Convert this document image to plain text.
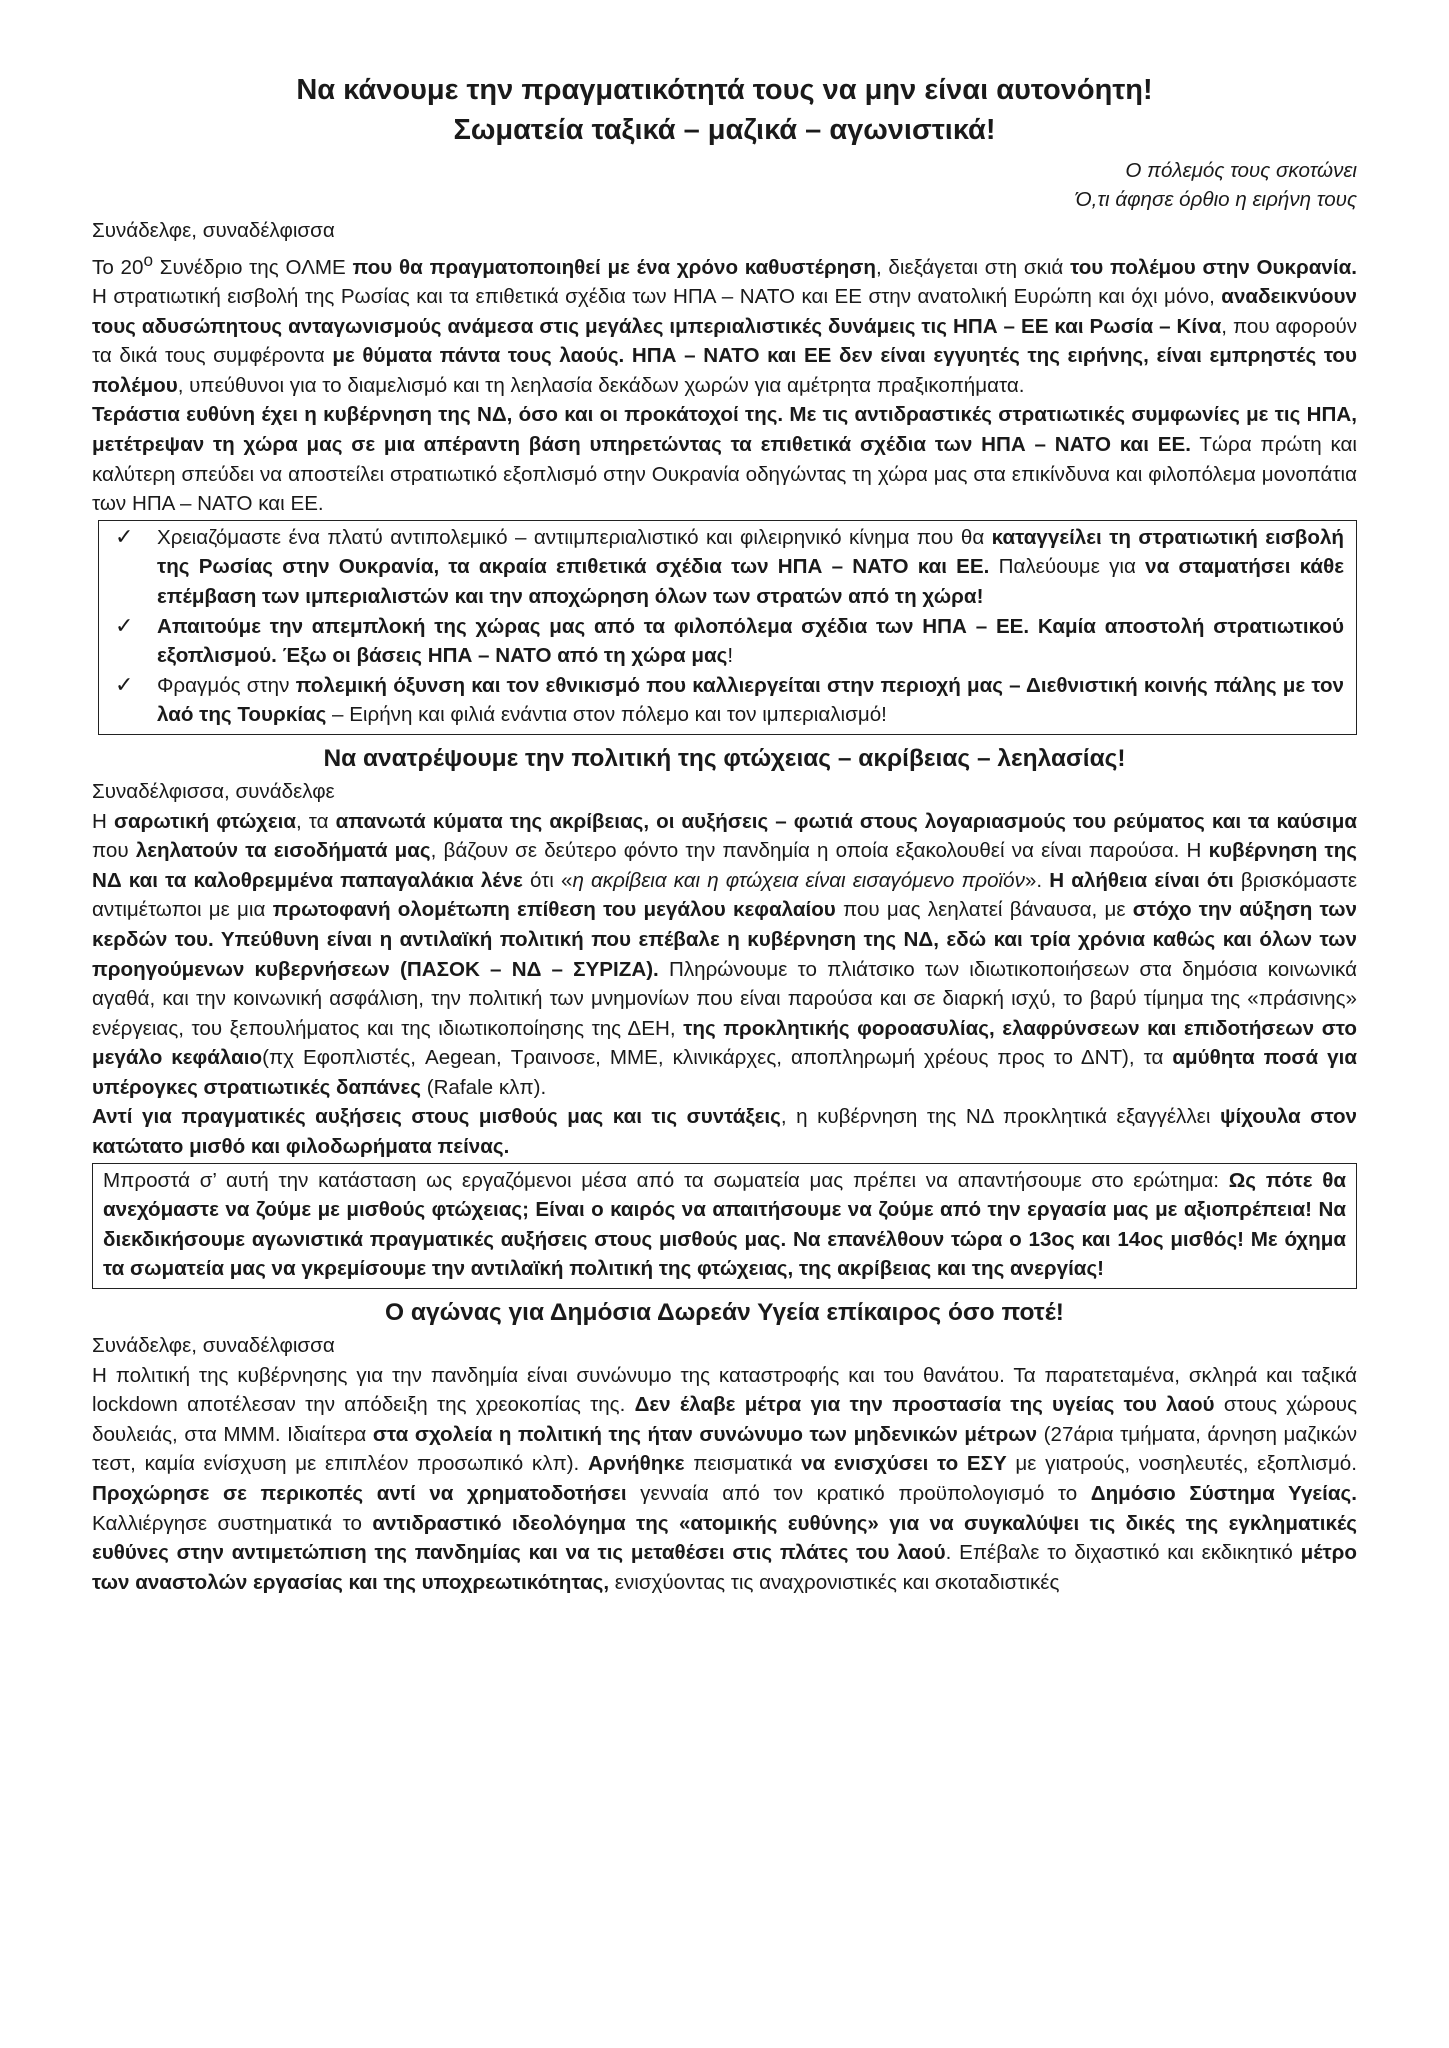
Να κάνουμε την πραγματικότητά τους να μην είναι αυτονόητη!
Σωματεία ταξικά – μαζικά – αγωνιστικά!
Ο πόλεμός τους σκοτώνει
Ό,τι άφησε όρθιο η ειρήνη τους

Συνάδελφε, συναδέλφισσα

Το $20^o$ Συνέδριο της ΟΛΜΕ που θα πραγματοποιηθεί με ένα χρόνο καθυστέρηση, διεξάγεται στη σκιά του πολέμου στην Ουκρανία. Η στρατιωτική εισβολή της Ρωσίας και τα επιθετικά σχέδια των ΗΠΑ – ΝΑΤΟ και ΕΕ στην ανατολική Ευρώπη και όχι μόνο, αναδεικνύουν τους αδυσώπητους ανταγωνισμούς ανάμεσα στις μεγάλες ιμπεριαλιστικές δυνάμεις τις ΗΠΑ – ΕΕ και Ρωσία – Κίνα, που αφορούν τα δικά τους συμφέροντα με θύματα πάντα τους λαούς. ΗΠΑ – ΝΑΤΟ και ΕΕ δεν είναι εγγυητές της ειρήνης, είναι εμπρηστές του πολέμου, υπεύθυνοι για το διαμελισμό και τη λεηλασία δεκάδων χωρών για αμέτρητα πραξικοπήματα.

Τεράστια ευθύνη έχει η κυβέρνηση της ΝΔ, όσο και οι προκάτοχοί της. Με τις αντιδραστικές στρατιωτικές συμφωνίες με τις ΗΠΑ, μετέτρεψαν τη χώρα μας σε μια απέραντη βάση υπηρετώντας τα επιθετικά σχέδια των ΗΠΑ – ΝΑΤΟ και ΕΕ. Τώρα πρώτη και καλύτερη σπεύδει να αποστείλει στρατιωτικό εξοπλισμό στην Ουκρανία οδηγώντας τη χώρα μας στα επικίνδυνα και φιλοπόλεμα μονοπάτια των ΗΠΑ – ΝΑΤΟ και ΕΕ.

✓ Χρειαζόμαστε ένα πλατύ αντιπολεμικό – αντιιμπεριαλιστικό και φιλειρηνικό κίνημα που θα καταγγείλει τη στρατιωτική εισβολή της Ρωσίας στην Ουκρανία, τα ακραία επιθετικά σχέδια των ΗΠΑ – ΝΑΤΟ και ΕΕ. Παλεύουμε για να σταματήσει κάθε επέμβαση των ιμπεριαλιστών και την αποχώρηση όλων των στρατών από τη χώρα!
✓ Απαιτούμε την απεμπλοκή της χώρας μας από τα φιλοπόλεμα σχέδια των ΗΠΑ – ΕΕ. Καμία αποστολή στρατιωτικού εξοπλισμού. Έξω οι βάσεις ΗΠΑ – ΝΑΤΟ από τη χώρα μας!
✓ Φραγμός στην πολεμική όξυνση και τον εθνικισμό που καλλιεργείται στην περιοχή μας – Διεθνιστική κοινής πάλης με τον λαό της Τουρκίας – Ειρήνη και φιλιά ενάντια στον πόλεμο και τον ιμπεριαλισμό!
Να ανατρέψουμε την πολιτική της φτώχειας – ακρίβειας – λεηλασίας!

Συναδέλφισσα, συνάδελφε

Η σαρωτική φτώχεια, τα απανωτά κύματα της ακρίβειας, οι αυξήσεις – φωτιά στους λογαριασμούς του ρεύματος και τα καύσιμα που λεηλατούν τα εισοδήματά μας, βάζουν σε δεύτερο φόντο την πανδημία η οποία εξακολουθεί να είναι παρούσα. Η κυβέρνηση της ΝΔ και τα καλοθρεμμένα παπαγαλάκια λένε ότι «η ακρίβεια και η φτώχεια είναι εισαγόμενο προϊόν». Η αλήθεια είναι ότι βρισκόμαστε αντιμέτωποι με μια πρωτοφανή ολομέτωπη επίθεση του μεγάλου κεφαλαίου που μας λεηλατεί βάναυσα, με στόχο την αύξηση των κερδών του. Υπεύθυνη είναι η αντιλαϊκή πολιτική που επέβαλε η κυβέρνηση της ΝΔ, εδώ και τρία χρόνια καθώς και όλων των προηγούμενων κυβερνήσεων (ΠΑΣΟΚ – ΝΔ – ΣΥΡΙΖΑ). Πληρώνουμε το πλιάτσικο των ιδιωτικοποιήσεων στα δημόσια κοινωνικά αγαθά, και την κοινωνική ασφάλιση, την πολιτική των μνημονίων που είναι παρούσα και σε διαρκή ισχύ, το βαρύ τίμημα της «πράσινης» ενέργειας, του ξεπουλήματος και της ιδιωτικοποίησης της ΔΕΗ, της προκλητικής φοροασυλίας, ελαφρύνσεων και επιδοτήσεων στο μεγάλο κεφάλαιο(πχ Εφοπλιστές, Aegean, Τραινοσε, ΜΜΕ, κλινικάρχες, αποπληρωμή χρέους προς το ΔΝΤ), τα αμύθητα ποσά για υπέρογκες στρατιωτικές δαπάνες (Rafale κλπ).

Αντί για πραγματικές αυξήσεις στους μισθούς μας και τις συντάξεις, η κυβέρνηση της ΝΔ προκλητικά εξαγγέλλει ψίχουλα στον κατώτατο μισθό και φιλοδωρήματα πείνας.

Μπροστά σ’ αυτή την κατάσταση ως εργαζόμενοι μέσα από τα σωματεία μας πρέπει να απαντήσουμε στο ερώτημα: Ως πότε θα ανεχόμαστε να ζούμε με μισθούς φτώχειας; Είναι ο καιρός να απαιτήσουμε να ζούμε από την εργασία μας με αξιοπρέπεια! Να διεκδικήσουμε αγωνιστικά πραγματικές αυξήσεις στους μισθούς μας. Να επανέλθουν τώρα ο 13ος και 14ος μισθός! Με όχημα τα σωματεία μας να γκρεμίσουμε την αντιλαϊκή πολιτική της φτώχειας, της ακρίβειας και της ανεργίας!

Ο αγώνας για Δημόσια Δωρεάν Υγεία επίκαιρος όσο ποτέ!

Συνάδελφε, συναδέλφισσα

Η πολιτική της κυβέρνησης για την πανδημία είναι συνώνυμο της καταστροφής και του θανάτου. Τα παρατεταμένα, σκληρά και ταξικά lockdown αποτέλεσαν την απόδειξη της χρεοκοπίας της. Δεν έλαβε μέτρα για την προστασία της υγείας του λαού στους χώρους δουλειάς, στα ΜΜΜ. Ιδιαίτερα στα σχολεία η πολιτική της ήταν συνώνυμο των μηδενικών μέτρων (27άρια τμήματα, άρνηση μαζικών τεστ, καμία ενίσχυση με επιπλέον προσωπικό κλπ). Αρνήθηκε πεισματικά να ενισχύσει το ΕΣΥ με γιατρούς, νοσηλευτές, εξοπλισμό. Προχώρησε σε περικοπές αντί να χρηματοδοτήσει γενναία από τον κρατικό προϋπολογισμό το Δημόσιο Σύστημα Υγείας. Καλλιέργησε συστηματικά το αντιδραστικό ιδεολόγημα της «ατομικής ευθύνης» για να συγκαλύψει τις δικές της εγκληματικές ευθύνες στην αντιμετώπιση της πανδημίας και να τις μεταθέσει στις πλάτες του λαού. Επέβαλε το διχαστικό και εκδικητικό μέτρο των αναστολών εργασίας και της υποχρεωτικότητας, ενισχύοντας τις αναχρονιστικές και σκοταδιστικές
